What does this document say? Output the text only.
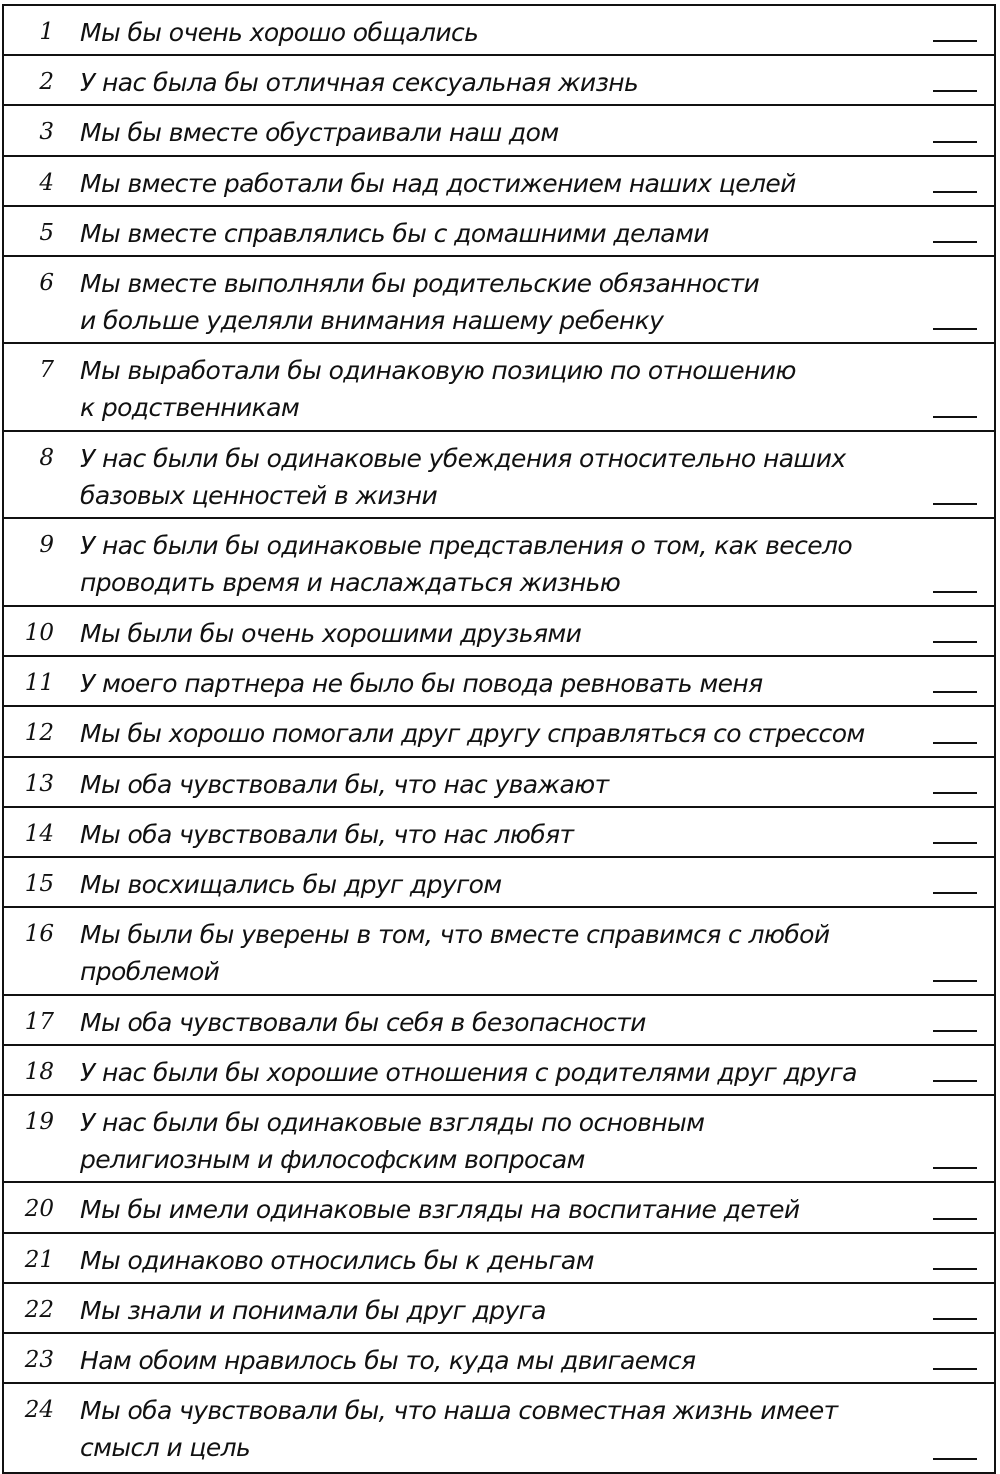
1 Мы бы очень хорошо общались
2 У нас была бы отличная сексуальная жизнь
3 Мы бы вместе обустраивали наш дом
4 Мы вместе работали бы над достижением наших целей
5 Мы вместе справлялись бы с домашними делами
6 Мы вместе выполняли бы родительские обязанности
и больше уделяли внимания нашему ребенку
7 Мы выработали бы одинаковую позицию по отношению
к родственникам
8 У нас были бы одинаковые убеждения относительно наших
базовых ценностей в жизни
9 У нас были бы одинаковые представления о том, как весело
проводить время и наслаждаться жизнью
10 Мы были бы очень хорошими друзьями
11 У моего партнера не было бы повода ревновать меня
12 Мы бы хорошо помогали друг другу справляться со стрессом
13 Мы оба чувствовали бы, что нас уважают
14 Мы оба чувствовали бы, что нас любят
15 Мы восхищались бы друг другом
16 Мы были бы уверены в том, что вместе справимся с любой
проблемой
17 Мы оба чувствовали бы себя в безопасности
18 У нас были бы хорошие отношения с родителями друг друга
19 У нас были бы одинаковые взгляды по основным
религиозным и философским вопросам
20 Мы бы имели одинаковые взгляды на воспитание детей
21 Мы одинаково относились бы к деньгам
22 Мы знали и понимали бы друг друга
23 Нам обоим нравилось бы то, куда мы двигаемся
24 Мы оба чувствовали бы, что наша совместная жизнь имеет
смысл и цель
